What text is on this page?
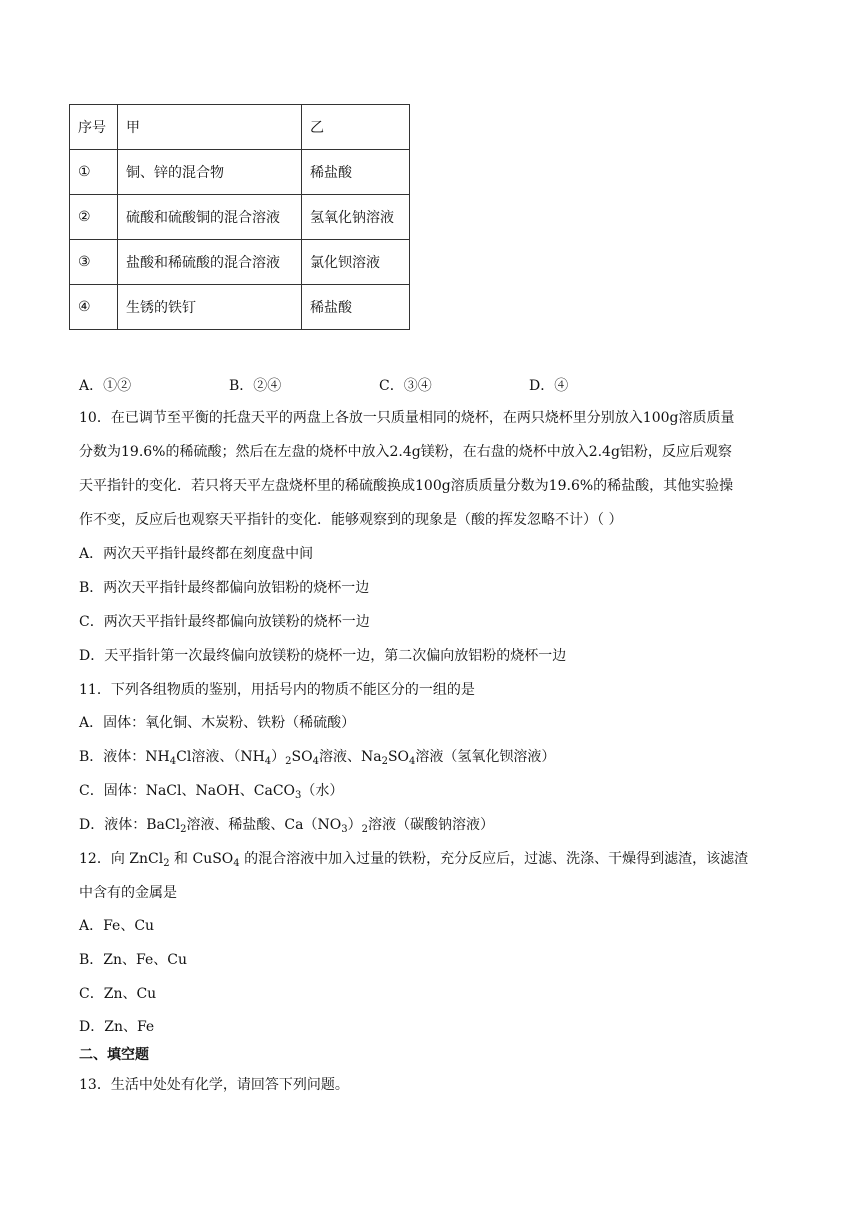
序号	甲	乙
①	铜、锌的混合物	稀盐酸
②	硫酸和硫酸铜的混合溶液	氢氧化钠溶液
③	盐酸和稀硫酸的混合溶液	氯化钡溶液
④	生锈的铁钉	稀盐酸
A．①②	B．②④	C．③④	D．④
10．在已调节至平衡的托盘天平的两盘上各放一只质量相同的烧杯，在两只烧杯里分别放入100g溶质质量
分数为19.6%的稀硫酸；然后在左盘的烧杯中放入2.4g镁粉，在右盘的烧杯中放入2.4g铝粉，反应后观察
天平指针的变化．若只将天平左盘烧杯里的稀硫酸换成100g溶质质量分数为19.6%的稀盐酸，其他实验操
作不变，反应后也观察天平指针的变化．能够观察到的现象是（酸的挥发忽略不计）（ ）
A．两次天平指针最终都在刻度盘中间
B．两次天平指针最终都偏向放铝粉的烧杯一边
C．两次天平指针最终都偏向放镁粉的烧杯一边
D．天平指针第一次最终偏向放镁粉的烧杯一边，第二次偏向放铝粉的烧杯一边
11．下列各组物质的鉴别，用括号内的物质不能区分的一组的是
A．固体：氧化铜、木炭粉、铁粉（稀硫酸）
B．液体：$NH_4Cl$溶液、$(NH_4)_2SO_4$溶液、$Na_2SO_4$溶液（氢氧化钡溶液）
C．固体：NaCl、NaOH、CaCO$_3$（水）
D．液体：BaCl$_2$溶液、稀盐酸、$Ca(NO_3)_2$溶液（碳酸钠溶液）
12．向 ZnCl$_2$ 和 CuSO$_4$ 的混合溶液中加入过量的铁粉，充分反应后，过滤、洗涤、干燥得到滤渣，该滤渣
中含有的金属是
A．Fe、Cu
B．Zn、Fe、Cu
C．Zn、Cu
D．Zn、Fe
二、填空题
13．生活中处处有化学，请回答下列问题。
